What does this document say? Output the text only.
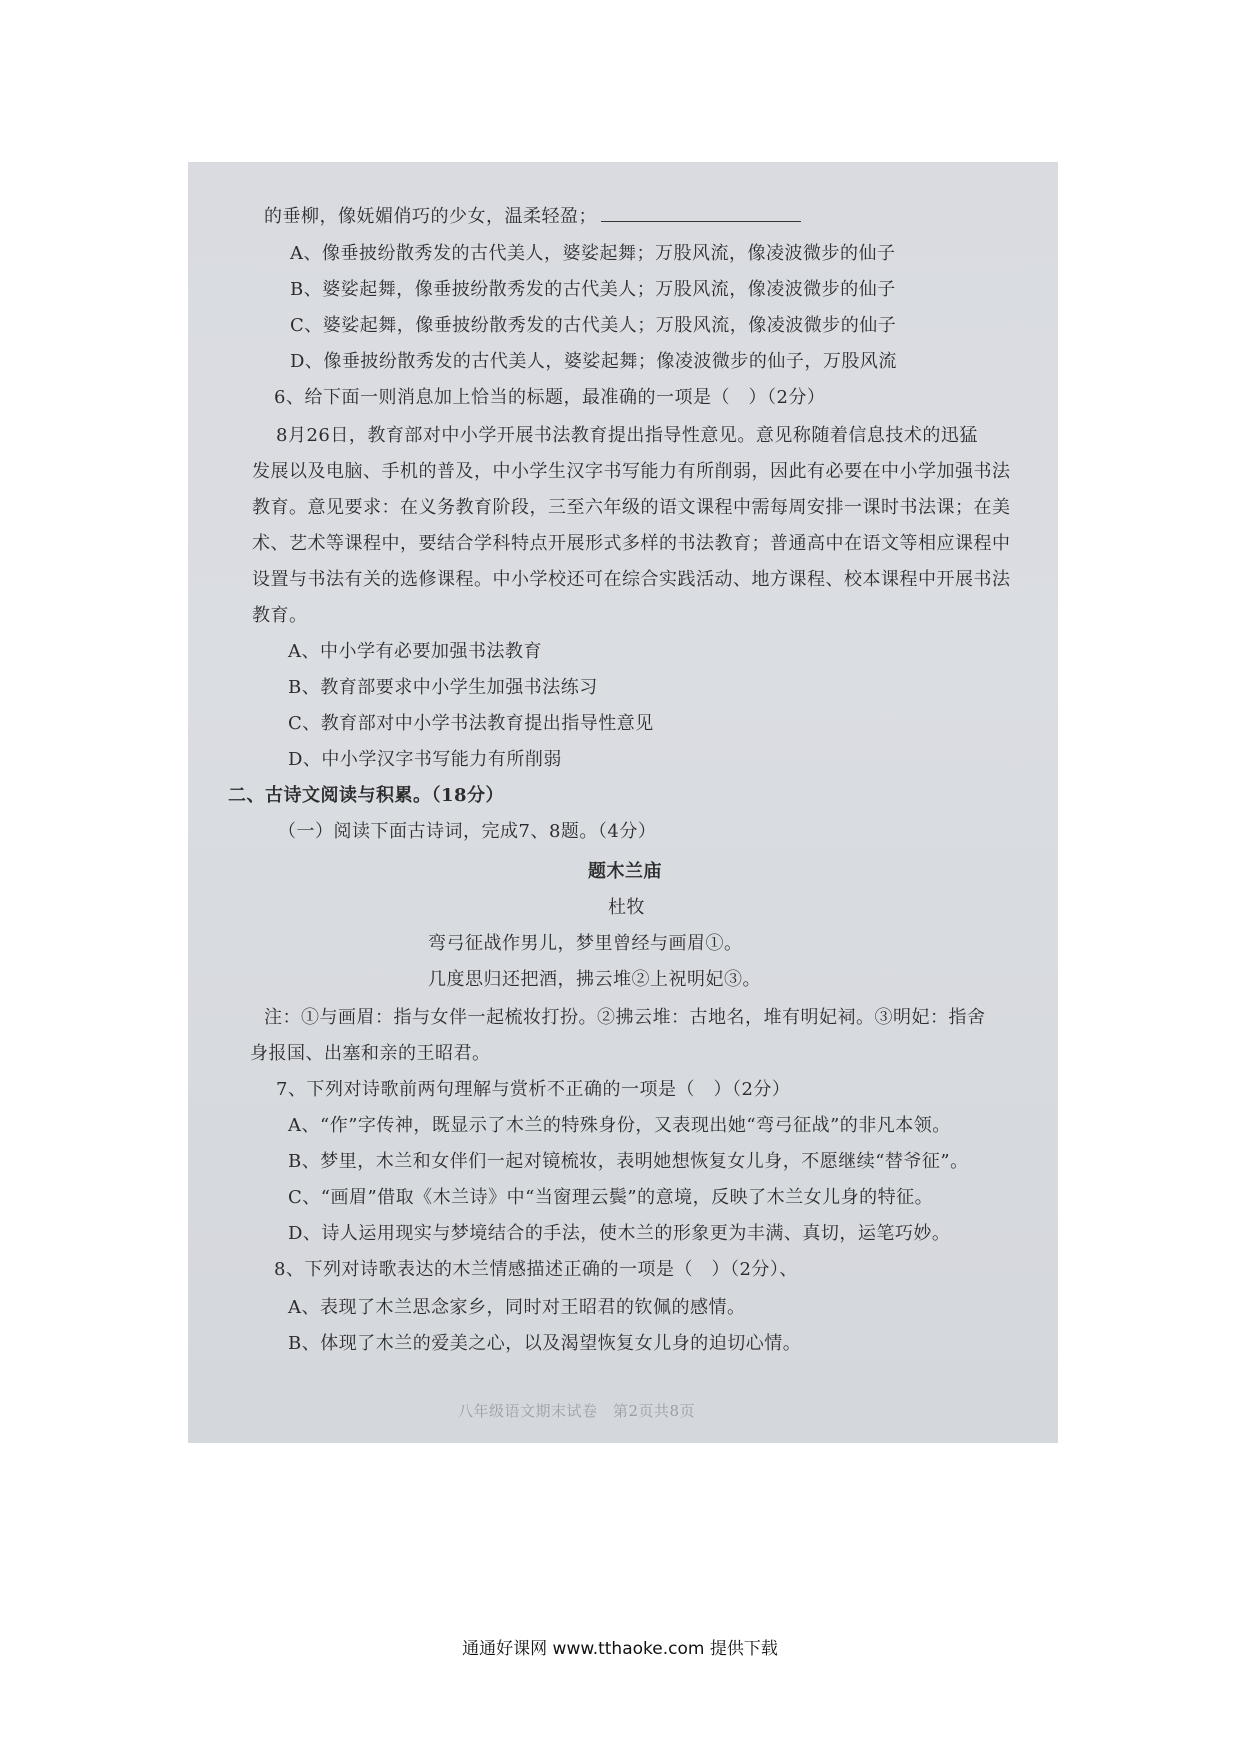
的垂柳，像妩媚俏巧的少女，温柔轻盈；
A、像垂披纷散秀发的古代美人，婆娑起舞；万股风流，像凌波微步的仙子
B、婆娑起舞，像垂披纷散秀发的古代美人；万股风流，像凌波微步的仙子
C、婆娑起舞，像垂披纷散秀发的古代美人；万股风流，像凌波微步的仙子
D、像垂披纷散秀发的古代美人，婆娑起舞；像凌波微步的仙子，万股风流
6、给下面一则消息加上恰当的标题，最准确的一项是（　）（2分）
8月26日，教育部对中小学开展书法教育提出指导性意见。意见称随着信息技术的迅猛
发展以及电脑、手机的普及，中小学生汉字书写能力有所削弱，因此有必要在中小学加强书法
教育。意见要求：在义务教育阶段，三至六年级的语文课程中需每周安排一课时书法课；在美
术、艺术等课程中，要结合学科特点开展形式多样的书法教育；普通高中在语文等相应课程中
设置与书法有关的选修课程。中小学校还可在综合实践活动、地方课程、校本课程中开展书法
教育。
A、中小学有必要加强书法教育
B、教育部要求中小学生加强书法练习
C、教育部对中小学书法教育提出指导性意见
D、中小学汉字书写能力有所削弱
二、古诗文阅读与积累。（18分）
（一）阅读下面古诗词，完成7、8题。（4分）
题木兰庙
杜牧
弯弓征战作男儿，梦里曾经与画眉①。
几度思归还把酒，拂云堆②上祝明妃③。
注：①与画眉：指与女伴一起梳妆打扮。②拂云堆：古地名，堆有明妃祠。③明妃：指舍
身报国、出塞和亲的王昭君。
7、下列对诗歌前两句理解与赏析不正确的一项是（　）（2分）
A、“作”字传神，既显示了木兰的特殊身份，又表现出她“弯弓征战”的非凡本领。
B、梦里，木兰和女伴们一起对镜梳妆，表明她想恢复女儿身，不愿继续“替爷征”。
C、“画眉”借取《木兰诗》中“当窗理云鬓”的意境，反映了木兰女儿身的特征。
D、诗人运用现实与梦境结合的手法，使木兰的形象更为丰满、真切，运笔巧妙。
8、下列对诗歌表达的木兰情感描述正确的一项是（　）（2分）、
A、表现了木兰思念家乡，同时对王昭君的钦佩的感情。
B、体现了木兰的爱美之心，以及渴望恢复女儿身的迫切心情。
八年级语文期末试卷　第2页共8页
通通好课网 www.tthaoke.com 提供下载
